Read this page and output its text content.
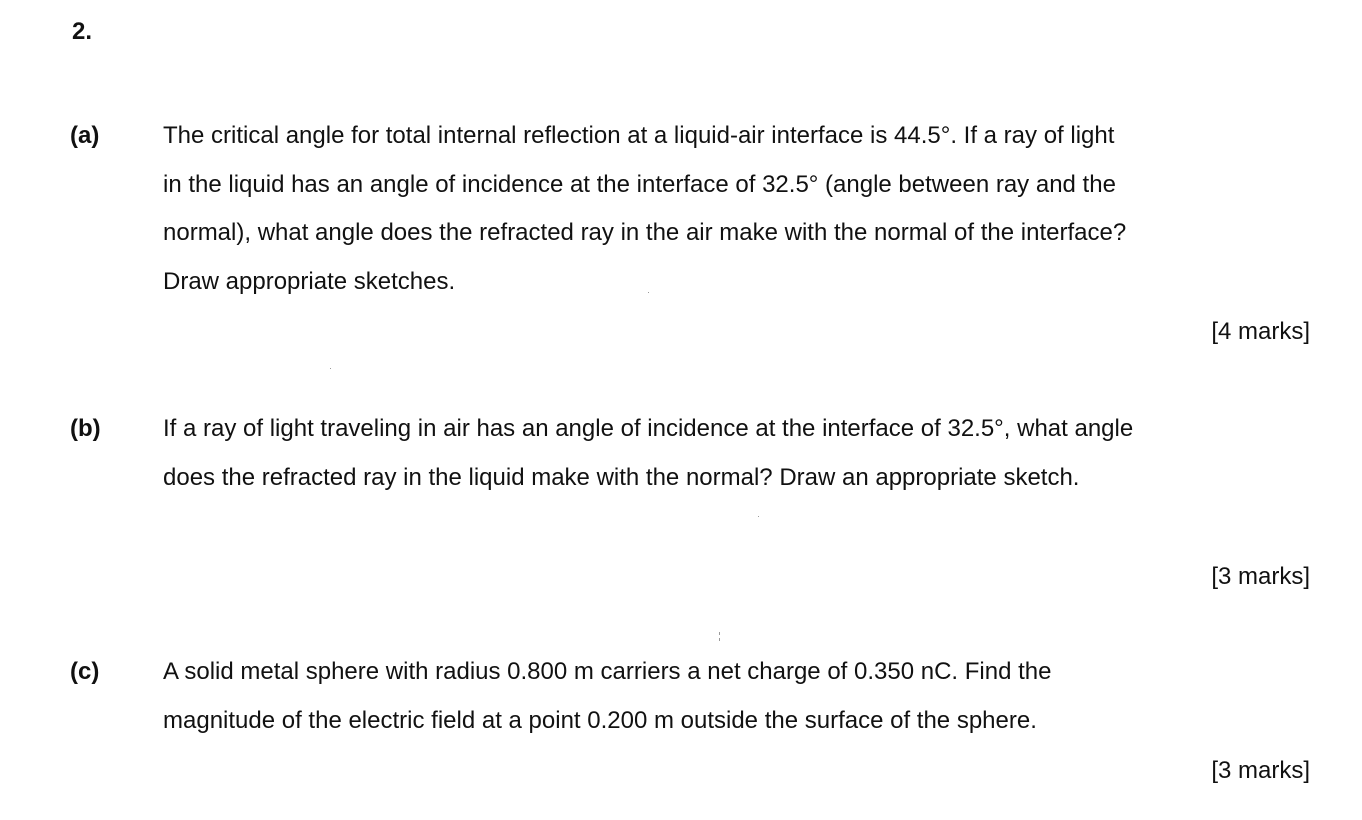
2.
(a)	The critical angle for total internal reflection at a liquid-air interface is 44.5°. If a ray of light
in the liquid has an angle of incidence at the interface of 32.5° (angle between ray and the
normal), what angle does the refracted ray in the air make with the normal of the interface?
Draw appropriate sketches.

[4 marks]
(b)	If a ray of light traveling in air has an angle of incidence at the interface of 32.5°, what angle
does the refracted ray in the liquid make with the normal? Draw an appropriate sketch.

[3 marks]
(c)	A solid metal sphere with radius 0.800 m carriers a net charge of 0.350 nC. Find the
magnitude of the electric field at a point 0.200 m outside the surface of the sphere.

[3 marks]
